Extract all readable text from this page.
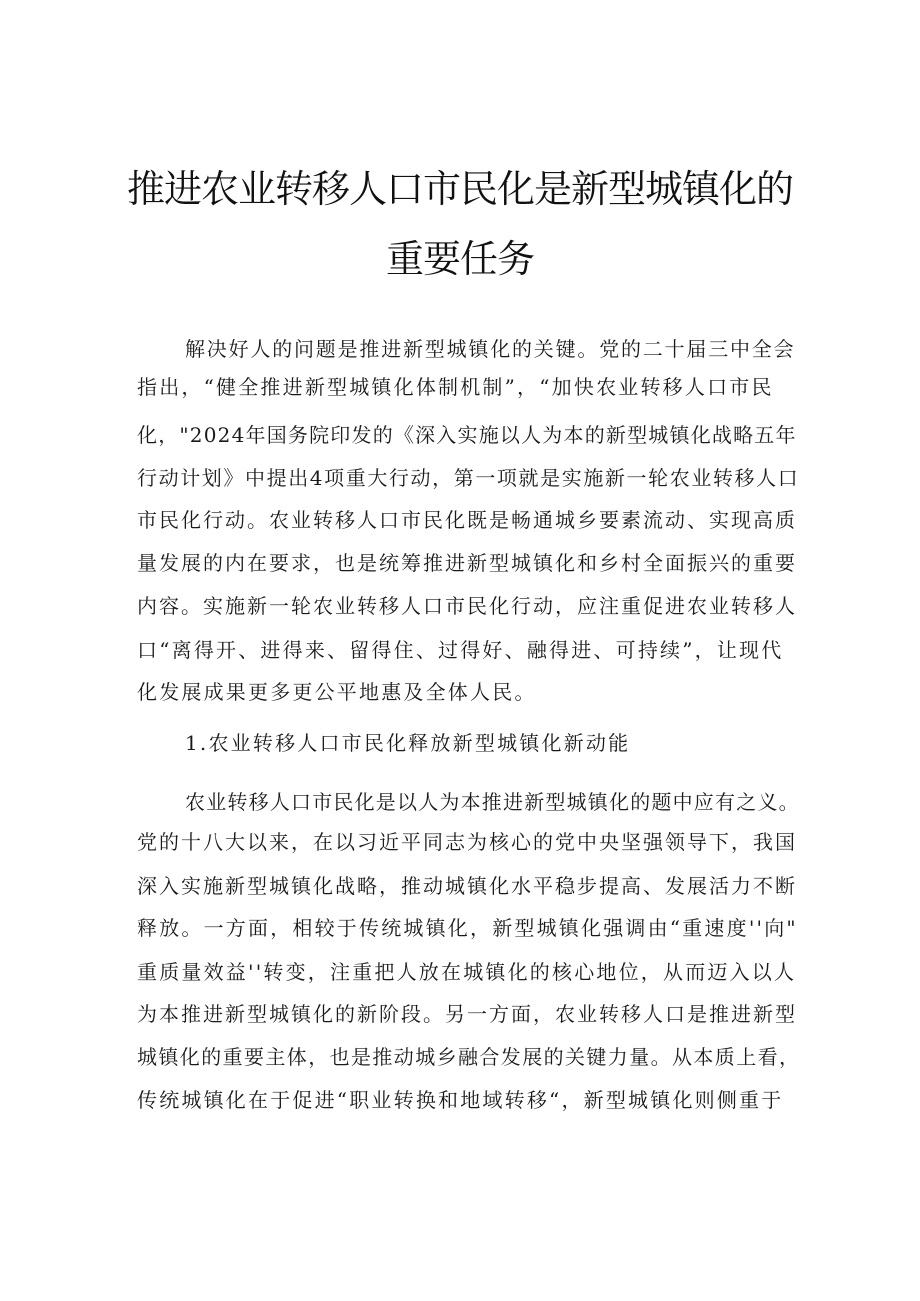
推进农业转移人口市民化是新型城镇化的
重要任务
解决好人的问题是推进新型城镇化的关键。党的二十届三中全会
指出，“健全推进新型城镇化体制机制”，“加快农业转移人口市民
化，"2024年国务院印发的《深入实施以人为本的新型城镇化战略五年
行动计划》中提出4项重大行动，第一项就是实施新一轮农业转移人口
市民化行动。农业转移人口市民化既是畅通城乡要素流动、实现高质
量发展的内在要求，也是统筹推进新型城镇化和乡村全面振兴的重要
内容。实施新一轮农业转移人口市民化行动，应注重促进农业转移人
口“离得开、进得来、留得住、过得好、融得进、可持续”，让现代
化发展成果更多更公平地惠及全体人民。
1.农业转移人口市民化释放新型城镇化新动能
农业转移人口市民化是以人为本推进新型城镇化的题中应有之义。
党的十八大以来，在以习近平同志为核心的党中央坚强领导下，我国
深入实施新型城镇化战略，推动城镇化水平稳步提高、发展活力不断
释放。一方面，相较于传统城镇化，新型城镇化强调由“重速度''向"
重质量效益''转变，注重把人放在城镇化的核心地位，从而迈入以人
为本推进新型城镇化的新阶段。另一方面，农业转移人口是推进新型
城镇化的重要主体，也是推动城乡融合发展的关键力量。从本质上看，
传统城镇化在于促进“职业转换和地域转移“，新型城镇化则侧重于
